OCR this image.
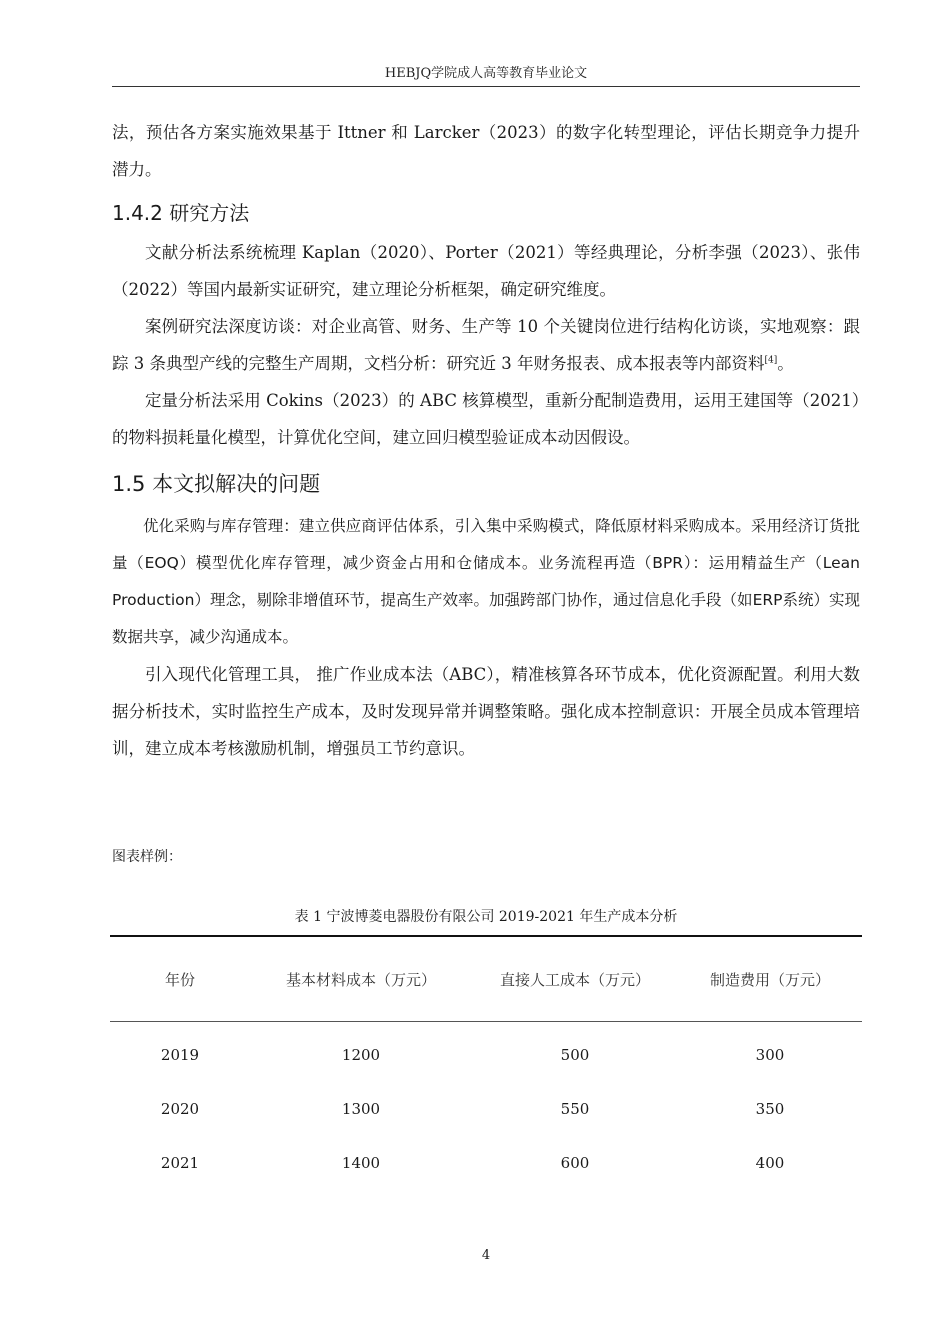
HEBJQ学院成人高等教育毕业论文

法，预估各方案实施效果基于 Ittner 和 Larcker（2023）的数字化转型理论，评估长期竞争力提升潜力。

1.4.2 研究方法

文献分析法系统梳理 Kaplan（2020）、Porter（2021）等经典理论，分析李强（2023）、张伟（2022）等国内最新实证研究，建立理论分析框架，确定研究维度。

案例研究法深度访谈：对企业高管、财务、生产等 10 个关键岗位进行结构化访谈，实地观察：跟踪 3 条典型产线的完整生产周期，文档分析：研究近 3 年财务报表、成本报表等内部资料[4]。

定量分析法采用 Cokins（2023）的 ABC 核算模型，重新分配制造费用，运用王建国等（2021）的物料损耗量化模型，计算优化空间，建立回归模型验证成本动因假设。

1.5 本文拟解决的问题

优化采购与库存管理：建立供应商评估体系，引入集中采购模式，降低原材料采购成本。采用经济订货批量（EOQ）模型优化库存管理，减少资金占用和仓储成本。业务流程再造（BPR）：运用精益生产（Lean Production）理念，剔除非增值环节，提高生产效率。加强跨部门协作，通过信息化手段（如ERP系统）实现数据共享，减少沟通成本。

引入现代化管理工具， 推广作业成本法（ABC），精准核算各环节成本，优化资源配置。利用大数据分析技术，实时监控生产成本，及时发现异常并调整策略。强化成本控制意识：开展全员成本管理培训，建立成本考核激励机制，增强员工节约意识。

图表样例：
表 1 宁波博菱电器股份有限公司 2019-2021 年生产成本分析
年份	基本材料成本（万元）	直接人工成本（万元）	制造费用（万元）
2019	1200	500	300
2020	1300	550	350
2021	1400	600	400
4
